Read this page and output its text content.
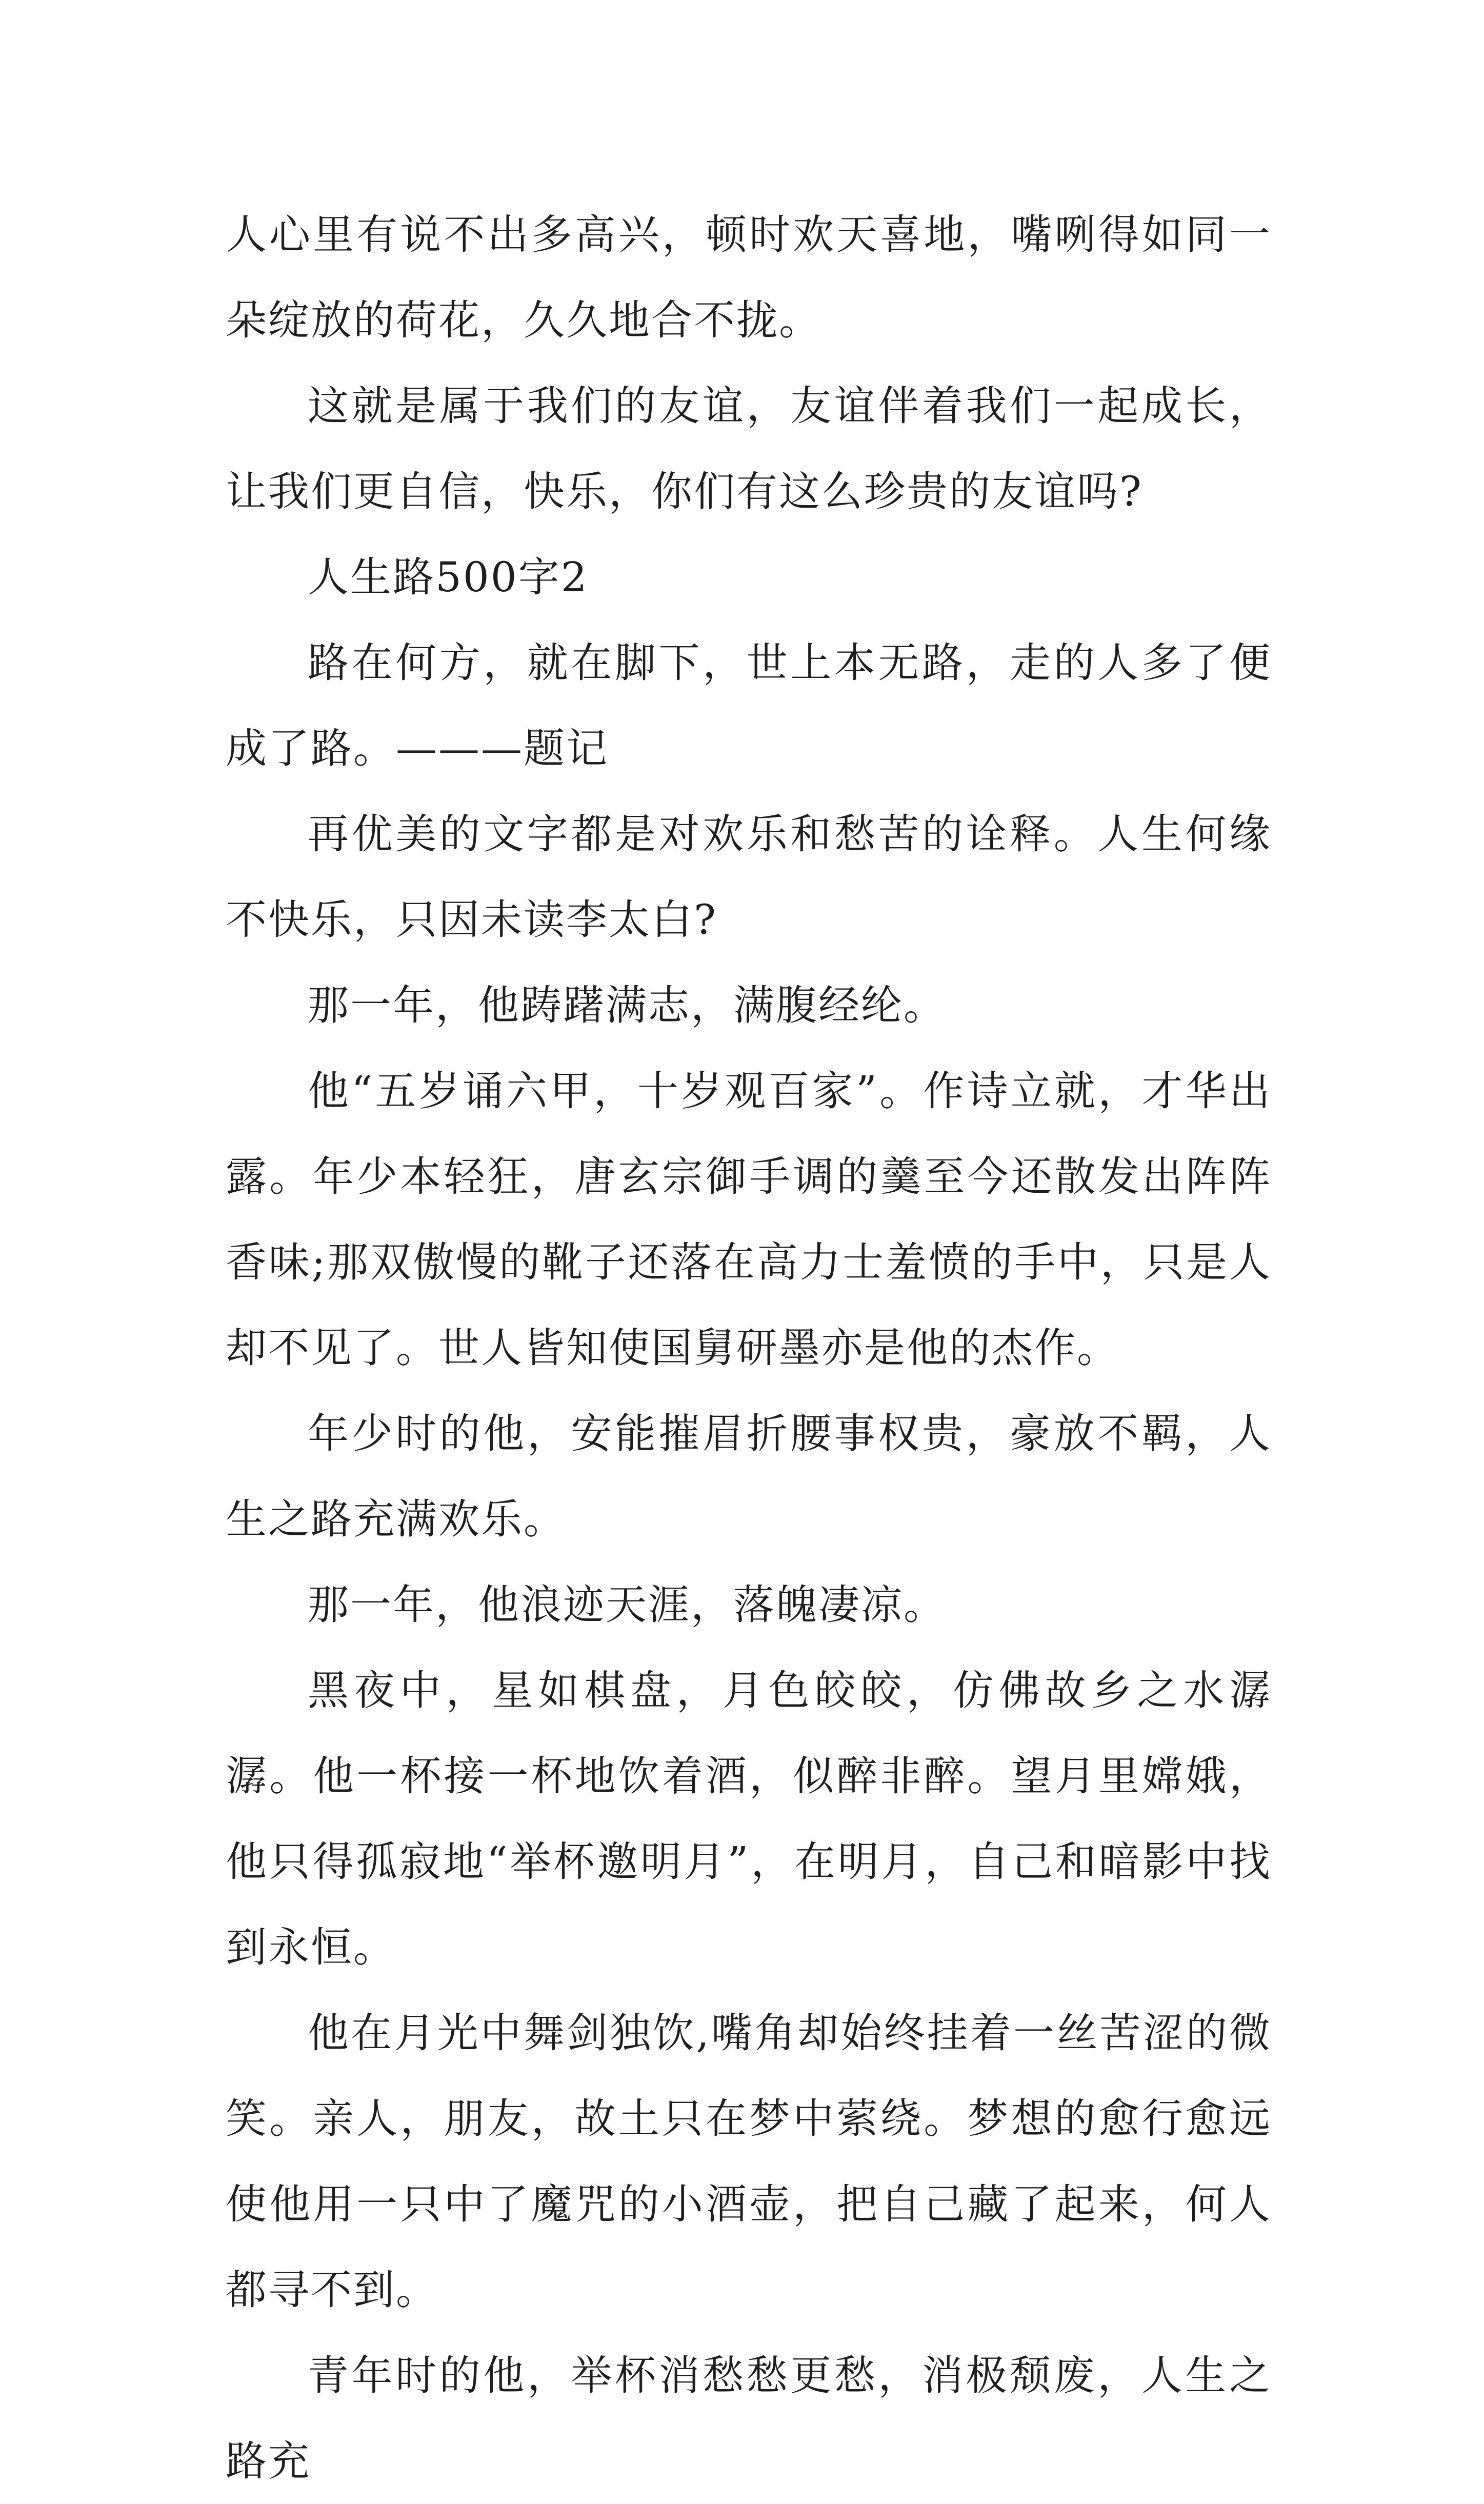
人心里有说不出多高兴，顿时欢天喜地，嘴咧得如同一朵绽放的荷花，久久地合不拢。

这就是属于我们的友谊，友谊伴着我们一起成长，让我们更自信，快乐，你们有这么珍贵的友谊吗?

人生路500字2

路在何方，就在脚下，世上本无路，走的人多了便成了路。———题记

再优美的文字都是对欢乐和愁苦的诠释。人生何缘不快乐，只因未读李太白?

那一年，他踌躇满志，满腹经纶。

他“五岁诵六甲，十岁观百家”。作诗立就，才华出露。年少本轻狂，唐玄宗御手调的羹至今还散发出阵阵香味;那双傲慢的靴子还落在高力士羞愤的手中，只是人却不见了。世人皆知使国舅研墨亦是他的杰作。

年少时的他，安能摧眉折腰事权贵，豪放不羁，人生之路充满欢乐。

那一年，他浪迹天涯，落魄凄凉。

黑夜中，星如棋盘，月色皎皎，仿佛故乡之水潺潺。他一杯接一杯地饮着酒，似醉非醉。望月里嫦娥，他只得孤寂地“举杯邀明月”，在明月，自己和暗影中找到永恒。

他在月光中舞剑独饮,嘴角却始终挂着一丝苦涩的微笑。亲人，朋友，故土只在梦中萦绕。梦想的愈行愈远使他用一只中了魔咒的小酒壶，把自己藏了起来，何人都寻不到。

青年时的他，举杯消愁愁更愁，消极颓废，人生之路充
